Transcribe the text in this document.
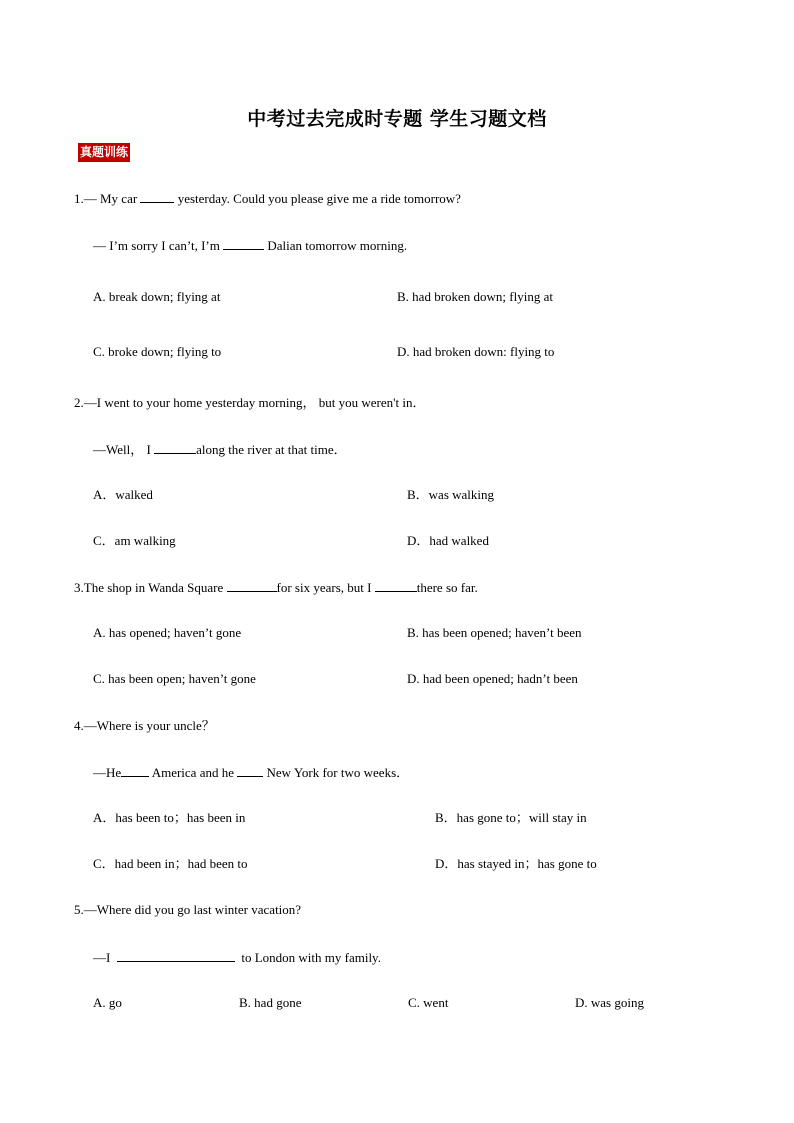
中考过去完成时专题 学生习题文档
真题训练
1.— My car	yesterday. Could you please give me a ride tomorrow?
— I’m sorry I can’t, I’m	Dalian tomorrow morning.
A. break down; flying at	B. had broken down; flying at
C. broke down; flying to	D. had broken down: flying to
2.—I went to your home yesterday morning， but you weren't in．
—Well， I	along the river at that time．
A．walked	B．was walking
C．am walking	D．had walked
3.The shop in Wanda Square	for six years, but I	there so far.
A. has opened; haven’t gone	B. has been opened; haven’t been
C. has been open; haven’t gone	D. had been opened; hadn’t been
4.—Where is your uncle？
—He America and he  New York for two weeks．
A．has been to；has been in	B．has gone to；will stay in
C．had been in；had been to	D．has stayed in；has gone to
5.—Where did you go last winter vacation?
—I	to London with my family.
A. go	B. had gone	C. went	D. was going
